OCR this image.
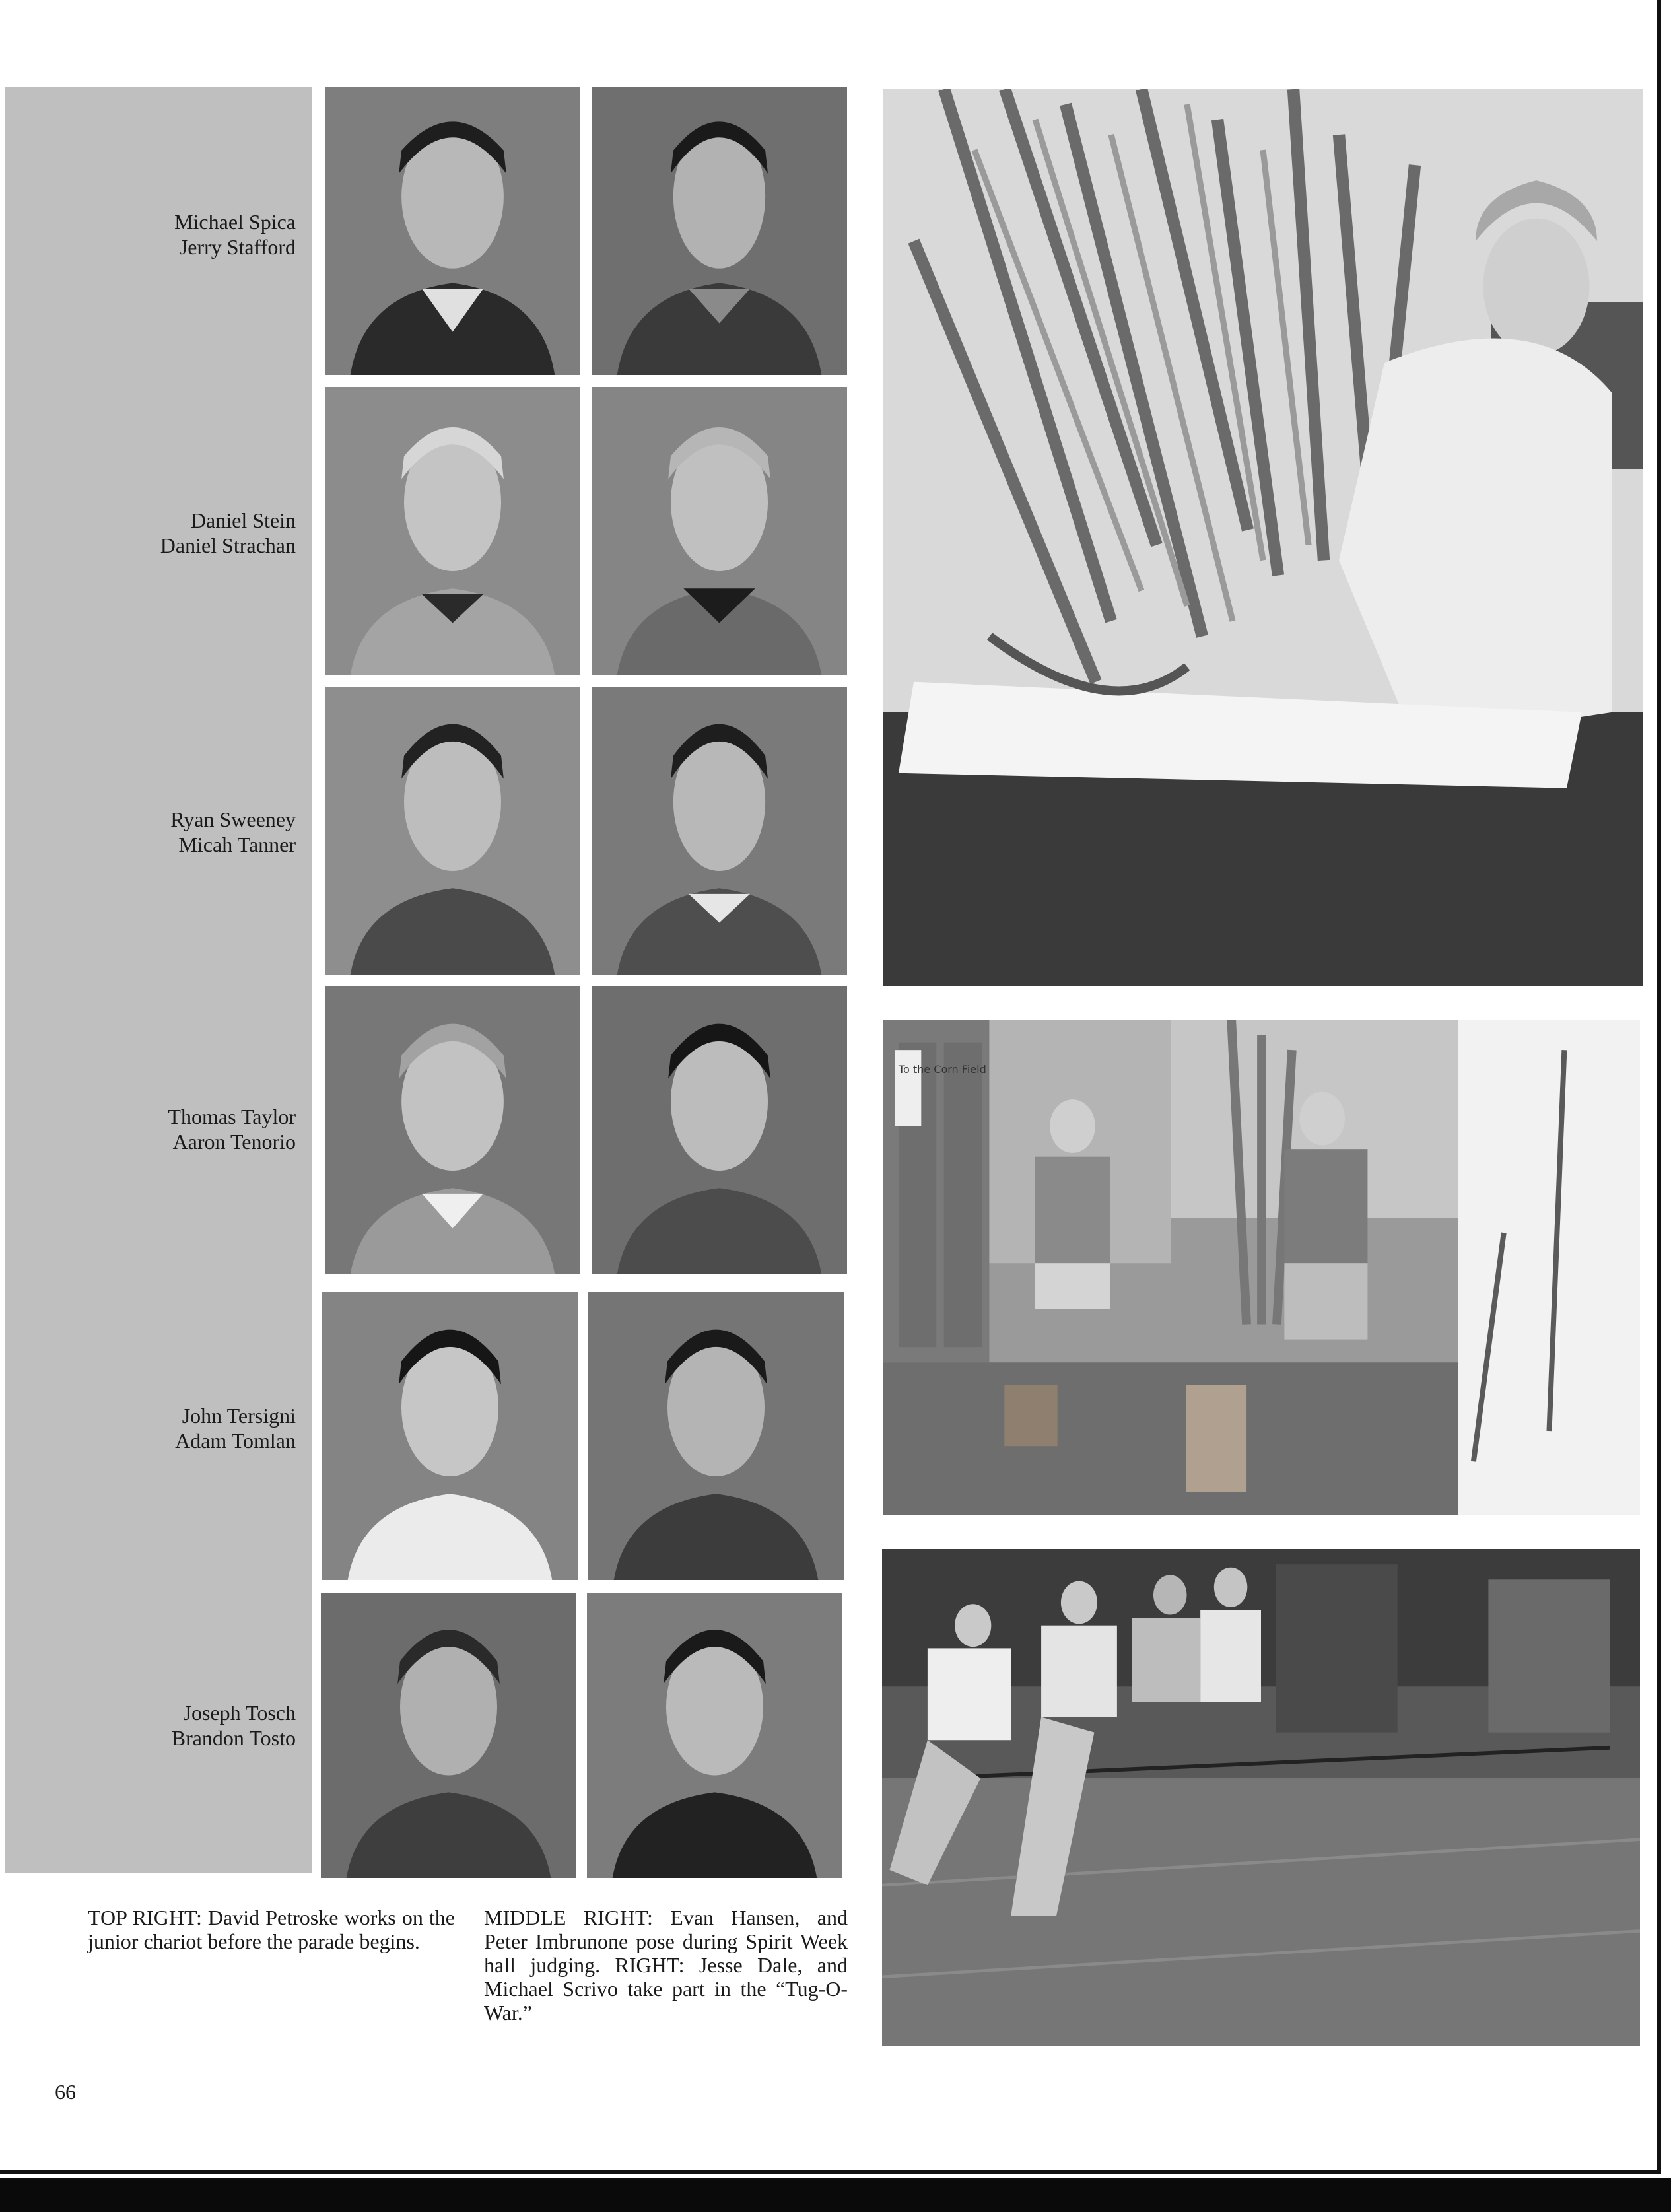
Michael Spica
Jerry Stafford
Daniel Stein
Daniel Strachan
Ryan Sweeney
Micah Tanner
Thomas Taylor
Aaron Tenorio
John Tersigni
Adam Tomlan
Joseph Tosch
Brandon Tosto
To the Corn Field
TOP RIGHT: David Petroske works on the junior chariot before the parade begins.
MIDDLE RIGHT: Evan Hansen, and Peter Imbrunone pose during Spirit Week hall judging. RIGHT: Jesse Dale, and Michael Scrivo take part in the “Tug-O-War.”
66
